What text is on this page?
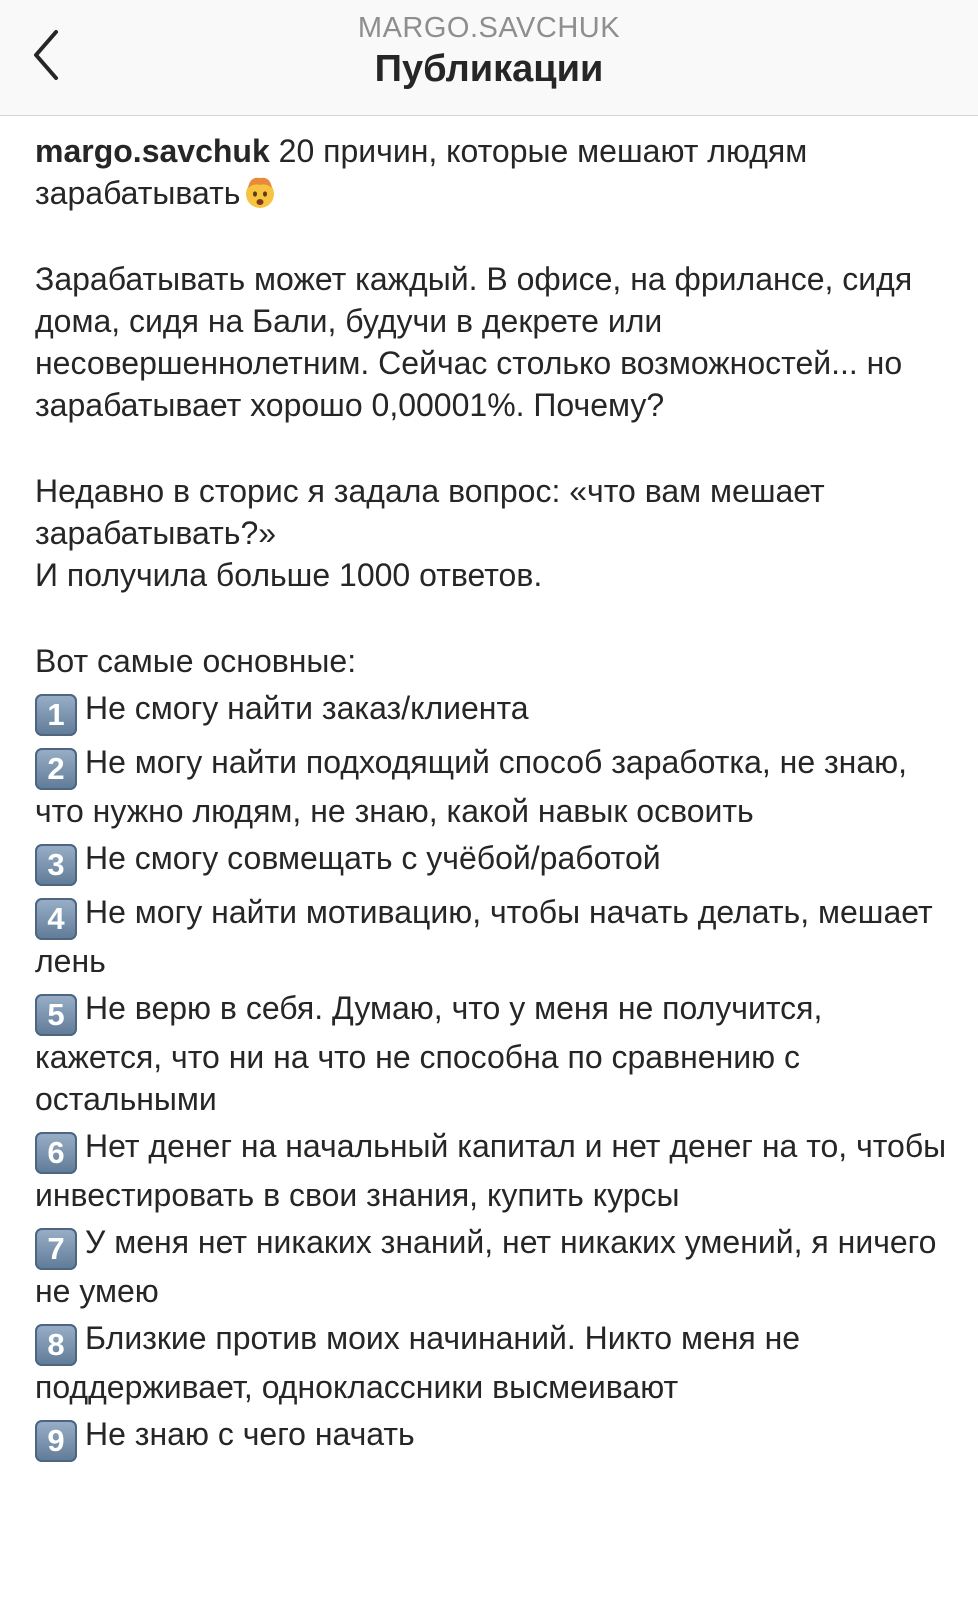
MARGO.SAVCHUK
Публикации

margo.savchuk 20 причин, которые мешают людям зарабатывать

Зарабатывать может каждый. В офисе, на фрилансе, сидя дома, сидя на Бали, будучи в декрете или несовершеннолетним. Сейчас столько возможностей... но зарабатывает хорошо 0,00001%. Почему?

Недавно в сторис я задала вопрос: «что вам мешает зарабатывать?»
И получила больше 1000 ответов.

Вот самые основные:
1 Не смогу найти заказ/клиента
2 Не могу найти подходящий способ заработка, не знаю, что нужно людям, не знаю, какой навык освоить
3 Не смогу совмещать с учёбой/работой
4 Не могу найти мотивацию, чтобы начать делать, мешает лень
5 Не верю в себя. Думаю, что у меня не получится, кажется, что ни на что не способна по сравнению с остальными
6 Нет денег на начальный капитал и нет денег на то, чтобы инвестировать в свои знания, купить курсы
7 У меня нет никаких знаний, нет никаких умений, я ничего не умею
8 Близкие против моих начинаний. Никто меня не поддерживает, одноклассники высмеивают
9 Не знаю с чего начать
